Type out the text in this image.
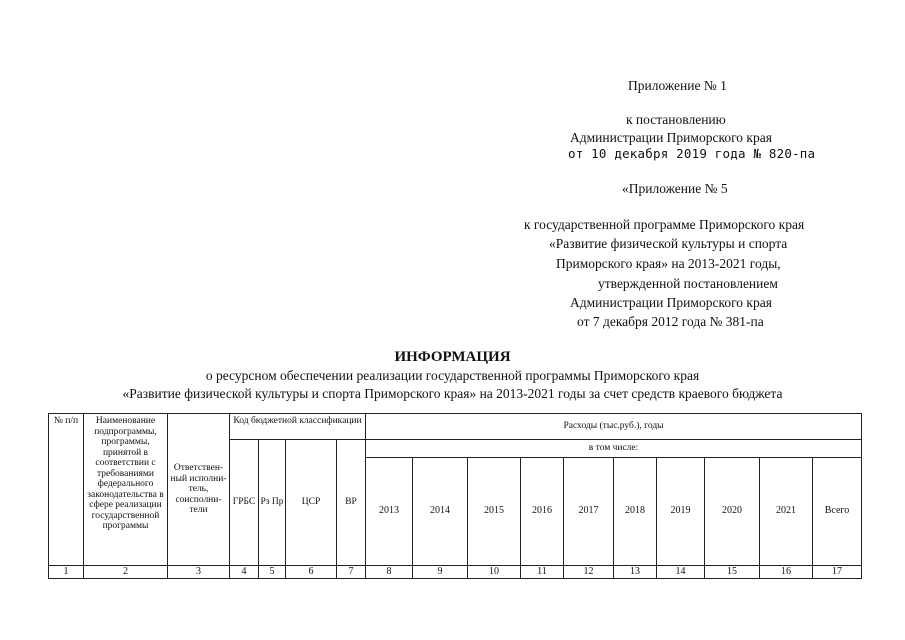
Приложение № 1
к постановлению
Администрации Приморского края
от 10 декабря 2019 года № 820-па
«Приложение № 5
к государственной программе Приморского края
«Развитие физической культуры и спорта
Приморского края» на 2013-2021 годы,
утвержденной постановлением
Администрации Приморского края
от 7 декабря 2012 года № 381-па
ИНФОРМАЦИЯ
о ресурсном обеспечении реализации государственной программы Приморского края
«Развитие физической культуры и спорта Приморского края» на 2013-2021 годы за счет средств краевого бюджета
№ п/п	Наименование подпрограммы, программы, принятой в соответствии с требованиями федерального законодательства в сфере реализации государственной программы	Ответствен-ный исполни-тель, соисполни-тели	Код бюджетной классификации				Расходы (тыс.руб.), годы									
			ГРБС	Рз Пр	ЦСР	ВР	в том числе:									
							2013	2014	2015	2016	2017	2018	2019	2020	2021	Всего
1	2	3	4	5	6	7	8	9	10	11	12	13	14	15	16	17
